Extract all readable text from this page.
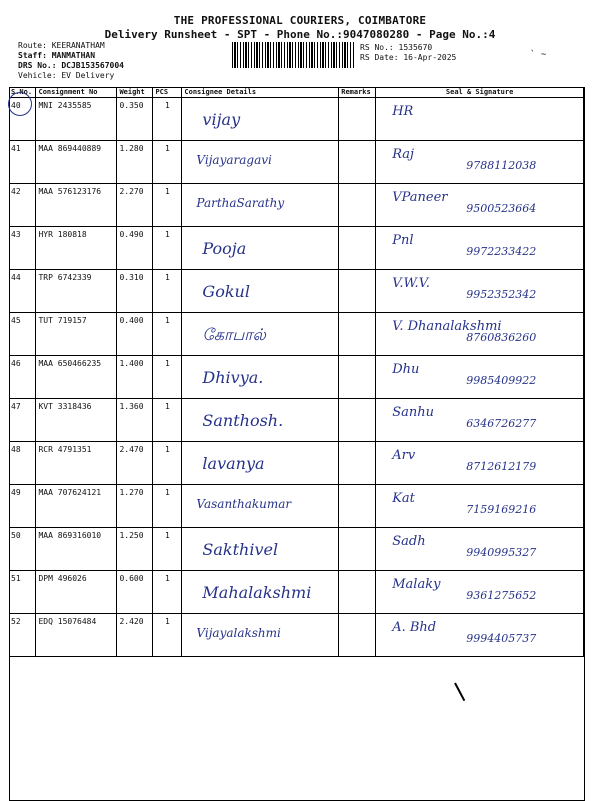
THE PROFESSIONAL COURIERS, COIMBATORE
Delivery Runsheet - SPT - Phone No.:9047080280 - Page No.:4
Route: KEERANATHAM
Staff: MANMATHAN
DRS No.: DCJB153567004
Vehicle: EV Delivery
RS No.: 1535670
RS Date: 16-Apr-2025	` ~
S.No.	Consignment No	Weight	PCS	Consignee Details	Remarks	Seal & Signature
40	MNI 2435585	0.350	1	vijay		HR

41	MAA 869440889	1.280	1	Vijayaragavi		Raj
9788112038

42	MAA 576123176	2.270	1	ParthaSarathy		VPaneer
9500523664

43	HYR 180818	0.490	1	Pooja		Pnl
9972233422

44	TRP 6742339	0.310	1	Gokul		V.W.V.
9952352342

45	TUT 719157	0.400	1	கோபால்		V. Dhanalakshmi
8760836260

46	MAA 650466235	1.400	1	Dhivya.		Dhu
9985409922

47	KVT 3318436	1.360	1	Santhosh.		Sanhu
6346726277

48	RCR 4791351	2.470	1	lavanya		Arv
8712612179

49	MAA 707624121	1.270	1	Vasanthakumar		Kat
7159169216

50	MAA 869316010	1.250	1	Sakthivel		Sadh
9940995327

51	DPM 496026	0.600	1	Mahalakshmi		Malaky
9361275652

52	EDQ 15076484	2.420	1	Vijayalakshmi		A. Bhd
9994405737
